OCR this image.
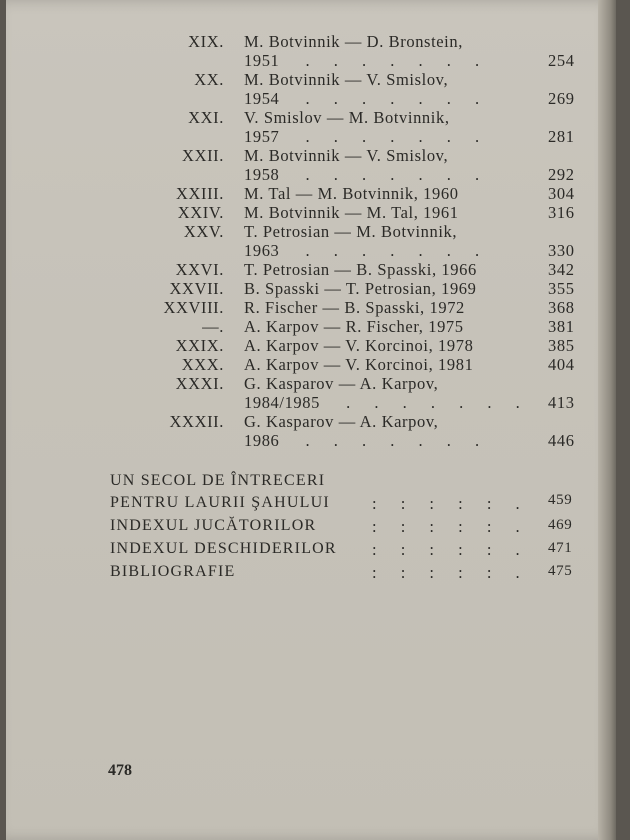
XIX. M. Botvinnik — D. Bronstein,
1951 . . . . . . .	254
XX. M. Botvinnik — V. Smislov,
1954 . . . . . . .	269
XXI. V. Smislov — M. Botvinnik,
1957 . . . . . . .	281
XXII. M. Botvinnik — V. Smislov,
1958 . . . . . . .	292
XXIII. M. Tal — M. Botvinnik, 1960	304
XXIV. M. Botvinnik — M. Tal, 1961	316
XXV. T. Petrosian — M. Botvinnik,
1963 . . . . . . .	330
XXVI. T. Petrosian — B. Spasski, 1966	342
XXVII. B. Spasski — T. Petrosian, 1969	355
XXVIII. R. Fischer — B. Spasski, 1972	368
—. A. Karpov — R. Fischer, 1975	381
XXIX. A. Karpov — V. Korcinoi, 1978	385
XXX. A. Karpov — V. Korcinoi, 1981	404
XXXI. G. Kasparov — A. Karpov,
1984/1985 . . . . . . . 413
XXXII. G. Kasparov — A. Karpov,
1986 . . . . . . .	446
UN SECOL DE ÎNTRECERI
PENTRU LAURII ŞAHULUI	: : : : : . 459
INDEXUL JUCĂTORILOR	: : : : : . 469
INDEXUL DESCHIDERILOR : : : : : . 471
BIBLIOGRAFIE	: : : : : . 475
478
